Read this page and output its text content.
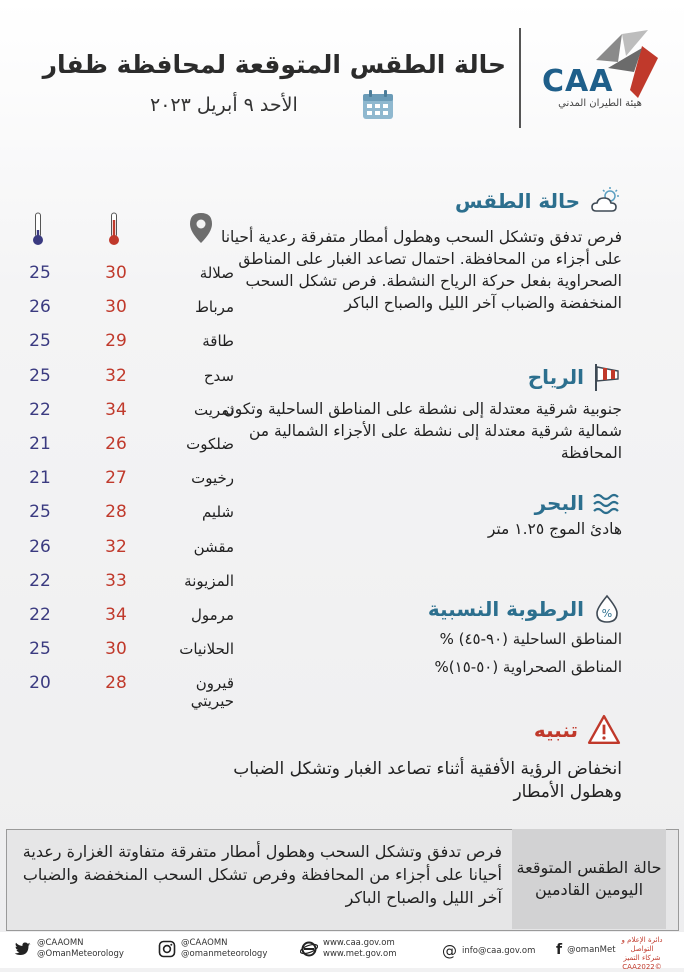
حالة الطقس المتوقعة لمحافظة ظفار
الأحد ٩ أبريل ٢٠٢٣
CAA
هيئة الطيران المدني
حالة الطقس
فرص تدفق وتشكل السحب وهطول أمطار متفرقة رعدية أحيانا على أجزاء من المحافظة. احتمال تصاعد الغبار على المناطق الصحراوية بفعل حركة الرياح النشطة. فرص تشكل السحب المنخفضة والضباب آخر الليل والصباح الباكر
الرياح
جنوبية شرقية معتدلة إلى نشطة على المناطق الساحلية وتكون شمالية شرقية معتدلة إلى نشطة على الأجزاء الشمالية من المحافظة
البحر
هادئ الموج ١.٢٥ متر
%
الرطوبة النسبية
المناطق الساحلية (٩٠-٤٥) %
المناطق الصحراوية (٥٠-١٥)%
تنبيه
انخفاض الرؤية الأفقية أثناء تصاعد الغبار وتشكل الضباب وهطول الأمطار
صلالة
30
25
مرباط
30
26
طاقة
29
25
سدح
32
25
ثمريت
34
22
ضلكوت
26
21
رخيوت
27
21
شليم
28
25
مقشن
32
26
المزيونة
33
22
مرمول
34
22
الحلانيات
30
25
قيرون حيريتي
28
20
حالة الطقس المتوقعة اليومين القادمين
فرص تدفق وتشكل السحب وهطول أمطار متفرقة متفاوتة الغزارة رعدية أحيانا على أجزاء من المحافظة وفرص تشكل السحب المنخفضة والضباب آخر الليل والصباح الباكر
@CAAOMN
@OmanMeteorology
@CAAOMN
@omanmeteorology
www.caa.gov.om
www.met.gov.om	@ info@caa.gov.om f @omanMet
دائرة الإعلام و التواصل
شركاء التميز
©CAA2022
